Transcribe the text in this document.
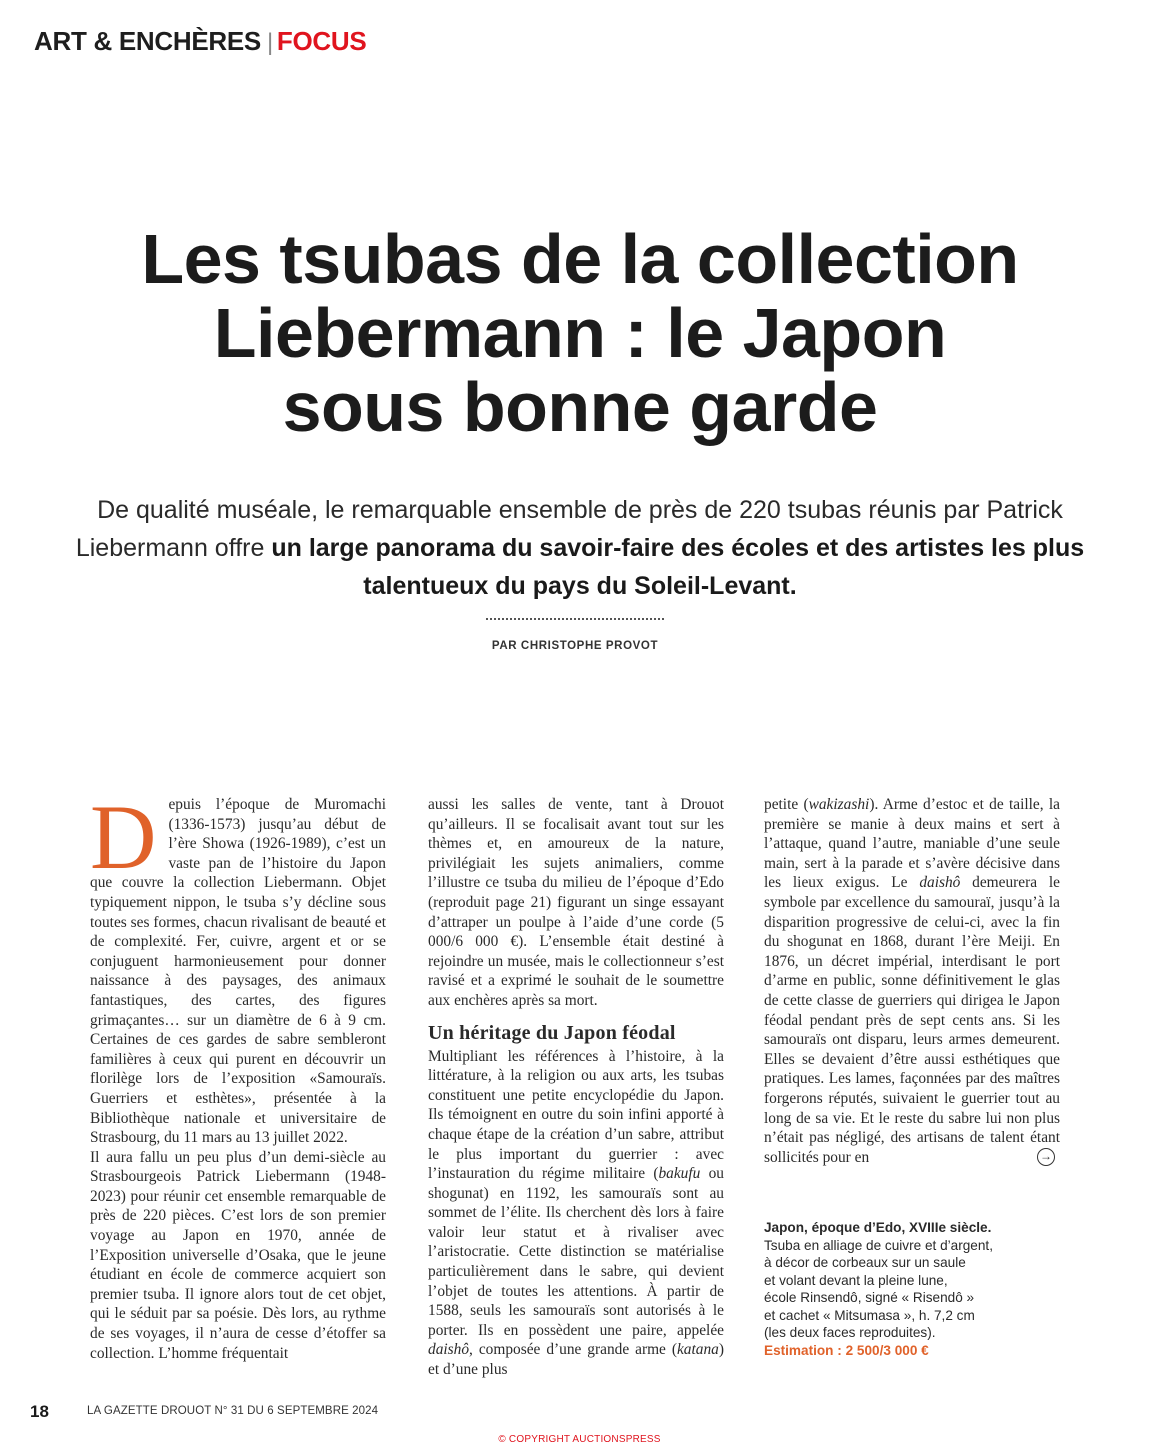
ART & ENCHÈRES | FOCUS
Les tsubas de la collection
Liebermann : le Japon
sous bonne garde

De qualité muséale, le remarquable ensemble de près de 220 tsubas réunis par Patrick Liebermann offre un large panorama du savoir-faire des écoles et des artistes les plus talentueux du pays du Soleil-Levant.

PAR CHRISTOPHE PROVOT

Depuis l’époque de Muromachi (1336-1573) jusqu’au début de l’ère Showa (1926-1989), c’est un vaste pan de l’histoire du Japon que couvre la collection Liebermann. Objet typiquement nippon, le tsuba s’y décline sous toutes ses formes, chacun rivalisant de beauté et de complexité. Fer, cuivre, argent et or se conjuguent harmonieusement pour donner naissance à des paysages, des animaux fantastiques, des cartes, des figures grimaçantes… sur un diamètre de 6 à 9 cm. Certaines de ces gardes de sabre sembleront familières à ceux qui purent en découvrir un florilège lors de l’exposition «Samouraïs. Guerriers et esthètes», présentée à la Bibliothèque nationale et universitaire de Strasbourg, du 11 mars au 13 juillet 2022.

Il aura fallu un peu plus d’un demi-siècle au Strasbourgeois Patrick Liebermann (1948-2023) pour réunir cet ensemble remarquable de près de 220 pièces. C’est lors de son premier voyage au Japon en 1970, année de l’Exposition universelle d’Osaka, que le jeune étudiant en école de commerce acquiert son premier tsuba. Il ignore alors tout de cet objet, qui le séduit par sa poésie. Dès lors, au rythme de ses voyages, il n’aura de cesse d’étoffer sa collection. L’homme fréquentait

aussi les salles de vente, tant à Drouot qu’ailleurs. Il se focalisait avant tout sur les thèmes et, en amoureux de la nature, privilégiait les sujets animaliers, comme l’illustre ce tsuba du milieu de l’époque d’Edo (reproduit page 21) figurant un singe essayant d’attraper un poulpe à l’aide d’une corde (5 000/6 000 €). L’ensemble était destiné à rejoindre un musée, mais le collectionneur s’est ravisé et a exprimé le souhait de le soumettre aux enchères après sa mort.

Un héritage du Japon féodal

Multipliant les références à l’histoire, à la littérature, à la religion ou aux arts, les tsubas constituent une petite encyclopédie du Japon. Ils témoignent en outre du soin infini apporté à chaque étape de la création d’un sabre, attribut le plus important du guerrier : avec l’instauration du régime militaire (bakufu ou shogunat) en 1192, les samouraïs sont au sommet de l’élite. Ils cherchent dès lors à faire valoir leur statut et à rivaliser avec l’aristocratie. Cette distinction se matérialise particulièrement dans le sabre, qui devient l’objet de toutes les attentions. À partir de 1588, seuls les samouraïs sont autorisés à le porter. Ils en possèdent une paire, appelée daishô, composée d’une grande arme (katana) et d’une plus

petite (wakizashi). Arme d’estoc et de taille, la première se manie à deux mains et sert à l’attaque, quand l’autre, maniable d’une seule main, sert à la parade et s’avère décisive dans les lieux exigus. Le daishô demeurera le symbole par excellence du samouraï, jusqu’à la disparition progressive de celui-ci, avec la fin du shogunat en 1868, durant l’ère Meiji. En 1876, un décret impérial, interdisant le port d’arme en public, sonne définitivement le glas de cette classe de guerriers qui dirigea le Japon féodal pendant près de sept cents ans. Si les samouraïs ont disparu, leurs armes demeurent. Elles se devaient d’être aussi esthétiques que pratiques. Les lames, façonnées par des maîtres forgerons réputés, suivaient le guerrier tout au long de sa vie. Et le reste du sabre lui non plus n’était pas négligé, des artisans de talent étant sollicités pour en	→
Japon, époque d’Edo, XVIIIe siècle.
Tsuba en alliage de cuivre et d’argent,
à décor de corbeaux sur un saule
et volant devant la pleine lune,
école Rinsendô, signé « Risendô »
et cachet « Mitsumasa », h. 7,2 cm
(les deux faces reproduites).
Estimation : 2 500/3 000 €
18	LA GAZETTE DROUOT N° 31 DU 6 SEPTEMBRE 2024
© COPYRIGHT AUCTIONSPRESS
